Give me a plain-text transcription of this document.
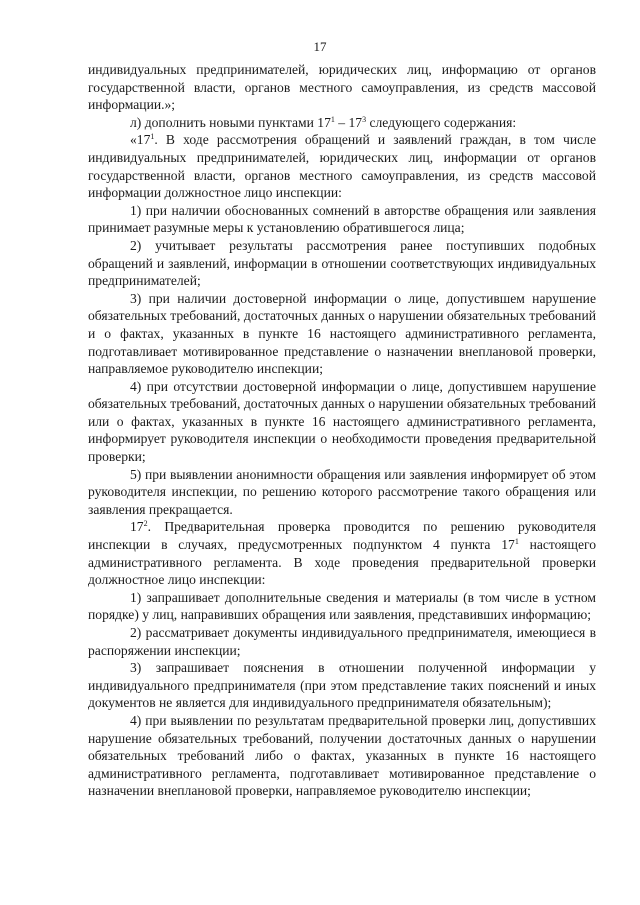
17

индивидуальных предпринимателей, юридических лиц, информацию от органов государственной власти, органов местного самоуправления, из средств массовой информации.»;

л) дополнить новыми пунктами $17^1 - 17^3$ следующего содержания:

«$17^1$. В ходе рассмотрения обращений и заявлений граждан, в том числе индивидуальных предпринимателей, юридических лиц, информации от органов государственной власти, органов местного самоуправления, из средств массовой информации должностное лицо инспекции:

1) при наличии обоснованных сомнений в авторстве обращения или заявления принимает разумные меры к установлению обратившегося лица;

2) учитывает результаты рассмотрения ранее поступивших подобных обращений и заявлений, информации в отношении соответствующих индивидуальных предпринимателей;

3) при наличии достоверной информации о лице, допустившем нарушение обязательных требований, достаточных данных о нарушении обязательных требований и о фактах, указанных в пункте 16 настоящего административного регламента, подготавливает мотивированное представление о назначении внеплановой проверки, направляемое руководителю инспекции;

4) при отсутствии достоверной информации о лице, допустившем нарушение обязательных требований, достаточных данных о нарушении обязательных требований или о фактах, указанных в пункте 16 настоящего административного регламента, информирует руководителя инспекции о необходимости проведения предварительной проверки;

5) при выявлении анонимности обращения или заявления информирует об этом руководителя инспекции, по решению которого рассмотрение такого обращения или заявления прекращается.

$17^2$. Предварительная проверка проводится по решению руководителя инспекции в случаях, предусмотренных подпунктом 4 пункта $17^1$ настоящего административного регламента. В ходе проведения предварительной проверки должностное лицо инспекции:

1) запрашивает дополнительные сведения и материалы (в том числе в устном порядке) у лиц, направивших обращения или заявления, представивших информацию;

2) рассматривает документы индивидуального предпринимателя, имеющиеся в распоряжении инспекции;

3) запрашивает пояснения в отношении полученной информации у индивидуального предпринимателя (при этом представление таких пояснений и иных документов не является для индивидуального предпринимателя обязательным);

4) при выявлении по результатам предварительной проверки лиц, допустивших нарушение обязательных требований, получении достаточных данных о нарушении обязательных требований либо о фактах, указанных в пункте 16 настоящего административного регламента, подготавливает мотивированное представление о назначении внеплановой проверки, направляемое руководителю инспекции;
